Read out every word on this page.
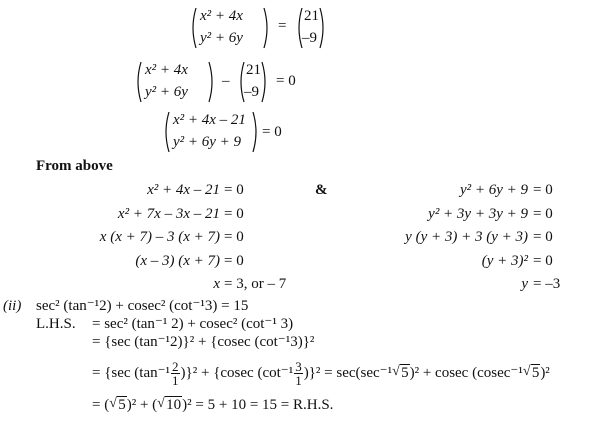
x² + 4x
y² + 6y
=
21
–9
x² + 4x
y² + 6y
–
21
–9
= 0
x² + 4x – 21
y² + 6y + 9
= 0
From above
x² + 4x – 21 = 0
x² + 7x – 3x – 21 = 0
x (x + 7) – 3 (x + 7) = 0
(x – 3) (x + 7) = 0
x = 3, or – 7
&	y² + 6y + 9 = 0
y² + 3y + 3y + 9 = 0
y (y + 3) + 3 (y + 3) = 0
(y + 3)² = 0
y = –3
(ii) sec² (tan⁻¹2) + cosec² (cot⁻¹3) = 15
L.H.S. = sec² (tan⁻¹ 2) + cosec² (cot⁻¹ 3)
= {sec (tan⁻¹2)}² + {cosec (cot⁻¹3)}²
= {sec $(\tan^{-1} \frac{2}{1} )\}^2 + \{cosec$ $(\cot^{-1} \frac{3}{1} )\}^2 = \sec(\sec^{-1}√$ 5)² + cosec (cosec⁻¹√ 5)²
= (√ 5)² + (√ 10)² = 5 + 10 = 15 = R.H.S.
